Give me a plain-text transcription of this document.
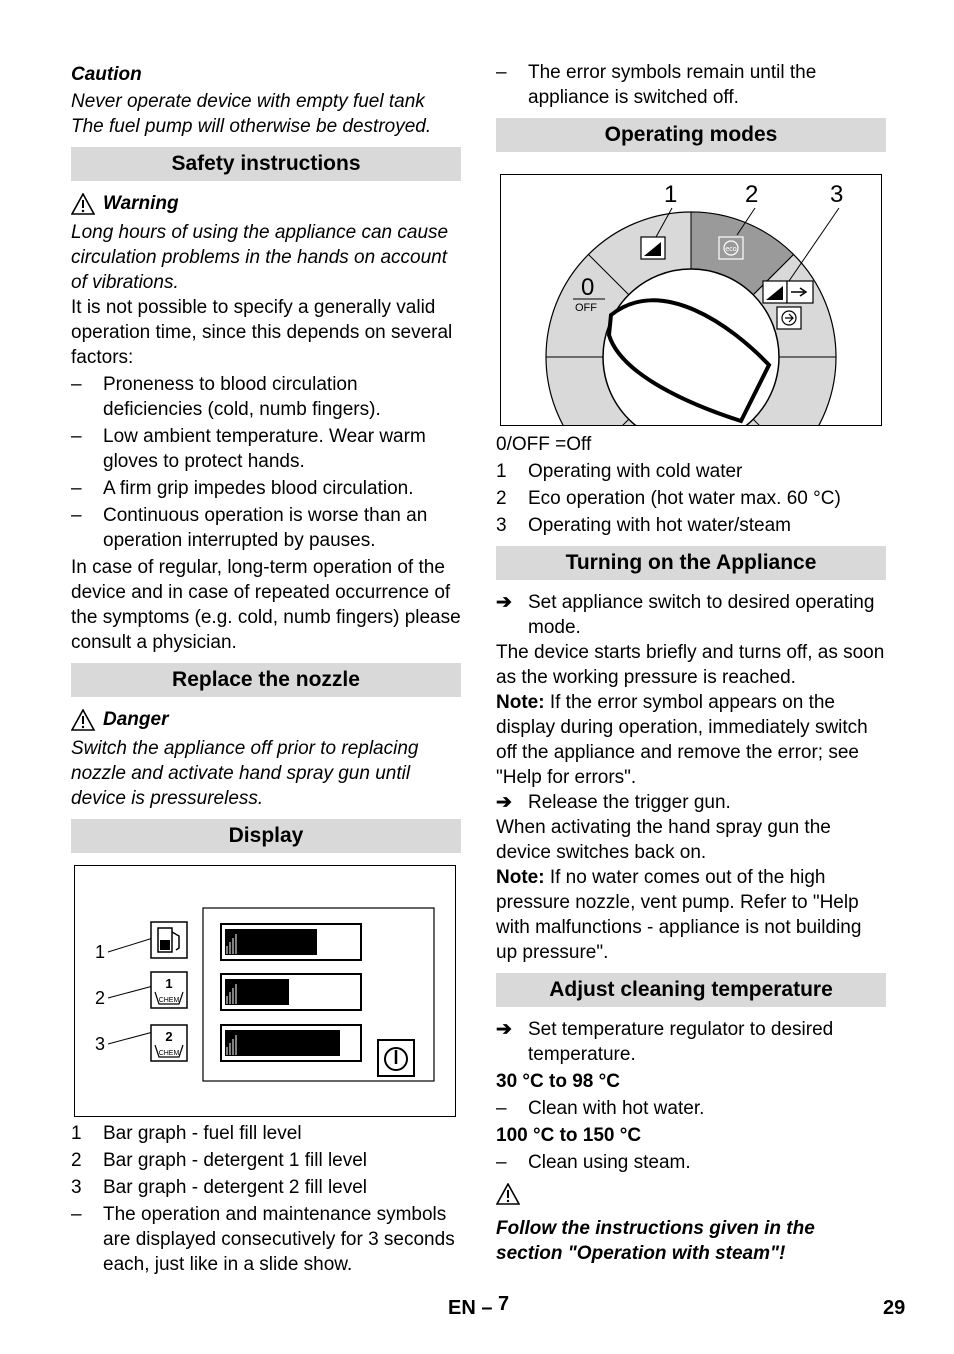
Caution

Never operate device with empty fuel tank

The fuel pump will otherwise be destroyed.

Safety instructions
Warning

Long hours of using the appliance can cause circulation problems in the hands on account of vibrations.

It is not possible to specify a generally valid operation time, since this depends on several factors:

–	Proneness to blood circulation deficiencies (cold, numb fingers).
–	Low ambient temperature. Wear warm gloves to protect hands.
–	A firm grip impedes blood circulation.
–	Continuous operation is worse than an operation interrupted by pauses.

In case of regular, long-term operation of the device and in case of repeated occurrence of the symptoms (e.g. cold, numb fingers) please consult a physician.

Replace the nozzle
Danger

Switch the appliance off prior to replacing nozzle and activate hand spray gun until device is pressureless.

Display
1
2
3
1
CHEM
2
CHEM
1	Bar graph - fuel fill level
2	Bar graph - detergent 1 fill level
3	Bar graph - detergent 2 fill level
–	The operation and maintenance symbols are displayed consecutively for 3 seconds each, just like in a slide show.
–	The error symbols remain until the appliance is switched off.
Operating modes
1	2	3
0
OFF
eco
0/OFF
= Off
1	Operating with cold water
2	Eco operation (hot water max. 60 °C)
3	Operating with hot water/steam
Turning on the Appliance
➔ Set appliance switch to desired operating mode.

The device starts briefly and turns off, as soon as the working pressure is reached.

Note: If the error symbol appears on the display during operation, immediately switch off the appliance and remove the error; see "Help for errors".

➔ Release the trigger gun.

When activating the hand spray gun the device switches back on.

Note: If no water comes out of the high pressure nozzle, vent pump. Refer to "Help with malfunctions - appliance is not building up pressure".

Adjust cleaning temperature
➔ Set temperature regulator to desired temperature.

30 °C to 98 °C

–	Clean with hot water.

100 °C to 150 °C

–	Clean using steam.

Follow the instructions given in the section "Operation with steam"!

EN – 7	29
